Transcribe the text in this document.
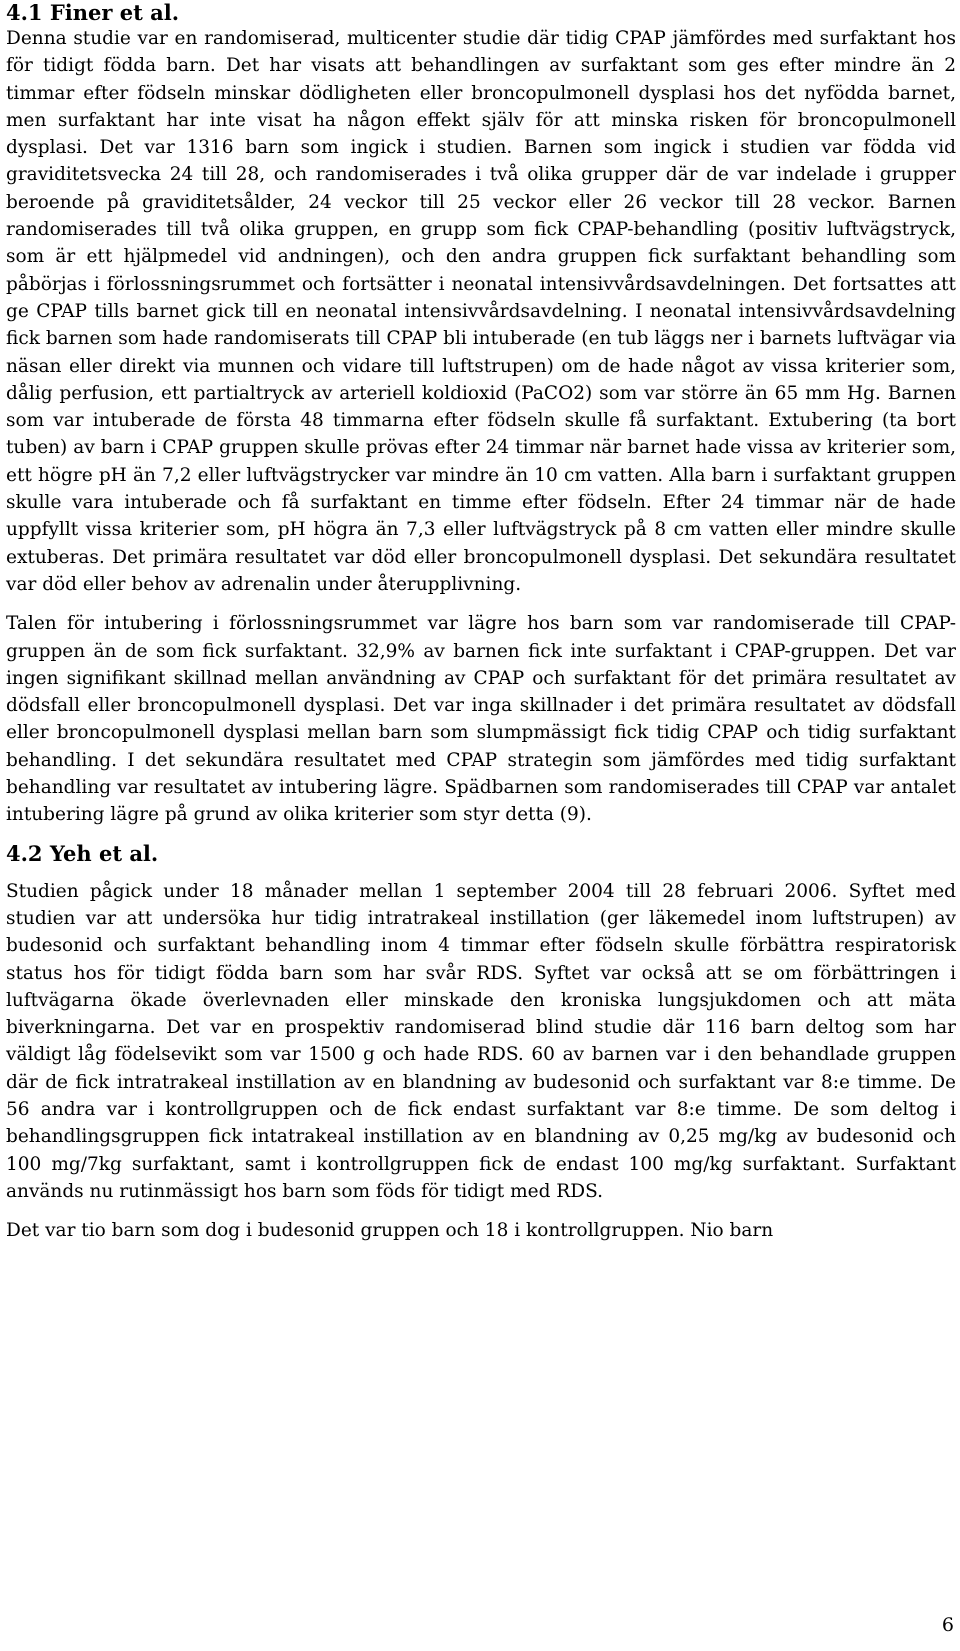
4.1 Finer et al.

Denna studie var en randomiserad, multicenter studie där tidig CPAP jämfördes med surfaktant hos för tidigt födda barn. Det har visats att behandlingen av surfaktant som ges efter mindre än 2 timmar efter födseln minskar dödligheten eller broncopulmonell dysplasi hos det nyfödda barnet, men surfaktant har inte visat ha någon effekt själv för att minska risken för broncopulmonell dysplasi. Det var 1316 barn som ingick i studien. Barnen som ingick i studien var födda vid graviditetsvecka 24 till 28, och randomiserades i två olika grupper där de var indelade i grupper beroende på graviditetsålder, 24 veckor till 25 veckor eller 26 veckor till 28 veckor. Barnen randomiserades till två olika gruppen, en grupp som fick CPAP-behandling (positiv luftvägstryck, som är ett hjälpmedel vid andningen), och den andra gruppen fick surfaktant behandling som påbörjas i förlossningsrummet och fortsätter i neonatal intensivvårdsavdelningen. Det fortsattes att ge CPAP tills barnet gick till en neonatal intensivvårdsavdelning. I neonatal intensivvårdsavdelning fick barnen som hade randomiserats till CPAP bli intuberade (en tub läggs ner i barnets luftvägar via näsan eller direkt via munnen och vidare till luftstrupen) om de hade något av vissa kriterier som, dålig perfusion, ett partialtryck av arteriell koldioxid (PaCO2) som var större än 65 mm Hg. Barnen som var intuberade de första 48 timmarna efter födseln skulle få surfaktant. Extubering (ta bort tuben) av barn i CPAP gruppen skulle prövas efter 24 timmar när barnet hade vissa av kriterier som, ett högre pH än 7,2 eller luftvägstrycker var mindre än 10 cm vatten. Alla barn i surfaktant gruppen skulle vara intuberade och få surfaktant en timme efter födseln. Efter 24 timmar när de hade uppfyllt vissa kriterier som, pH högra än 7,3 eller luftvägstryck på 8 cm vatten eller mindre skulle extuberas. Det primära resultatet var död eller broncopulmonell dysplasi. Det sekundära resultatet var död eller behov av adrenalin under återupplivning.

Talen för intubering i förlossningsrummet var lägre hos barn som var randomiserade till CPAP-gruppen än de som fick surfaktant. 32,9% av barnen fick inte surfaktant i CPAP-gruppen. Det var ingen signifikant skillnad mellan användning av CPAP och surfaktant för det primära resultatet av dödsfall eller broncopulmonell dysplasi. Det var inga skillnader i det primära resultatet av dödsfall eller broncopulmonell dysplasi mellan barn som slumpmässigt fick tidig CPAP och tidig surfaktant behandling. I det sekundära resultatet med CPAP strategin som jämfördes med tidig surfaktant behandling var resultatet av intubering lägre. Spädbarnen som randomiserades till CPAP var antalet intubering lägre på grund av olika kriterier som styr detta (9).

4.2 Yeh et al.

Studien pågick under 18 månader mellan 1 september 2004 till 28 februari 2006. Syftet med studien var att undersöka hur tidig intratrakeal instillation (ger läkemedel inom luftstrupen) av budesonid och surfaktant behandling inom 4 timmar efter födseln skulle förbättra respiratorisk status hos för tidigt födda barn som har svår RDS. Syftet var också att se om förbättringen i luftvägarna ökade överlevnaden eller minskade den kroniska lungsjukdomen och att mäta biverkningarna. Det var en prospektiv randomiserad blind studie där 116 barn deltog som har väldigt låg födelsevikt som var 1500 g och hade RDS. 60 av barnen var i den behandlade gruppen där de fick intratrakeal instillation av en blandning av budesonid och surfaktant var 8:e timme. De 56 andra var i kontrollgruppen och de fick endast surfaktant var 8:e timme. De som deltog i behandlingsgruppen fick intatrakeal instillation av en blandning av 0,25 mg/kg av budesonid och 100 mg/7kg surfaktant, samt i kontrollgruppen fick de endast 100 mg/kg surfaktant. Surfaktant används nu rutinmässigt hos barn som föds för tidigt med RDS.

Det var tio barn som dog i budesonid gruppen och 18 i kontrollgruppen. Nio barn

6
